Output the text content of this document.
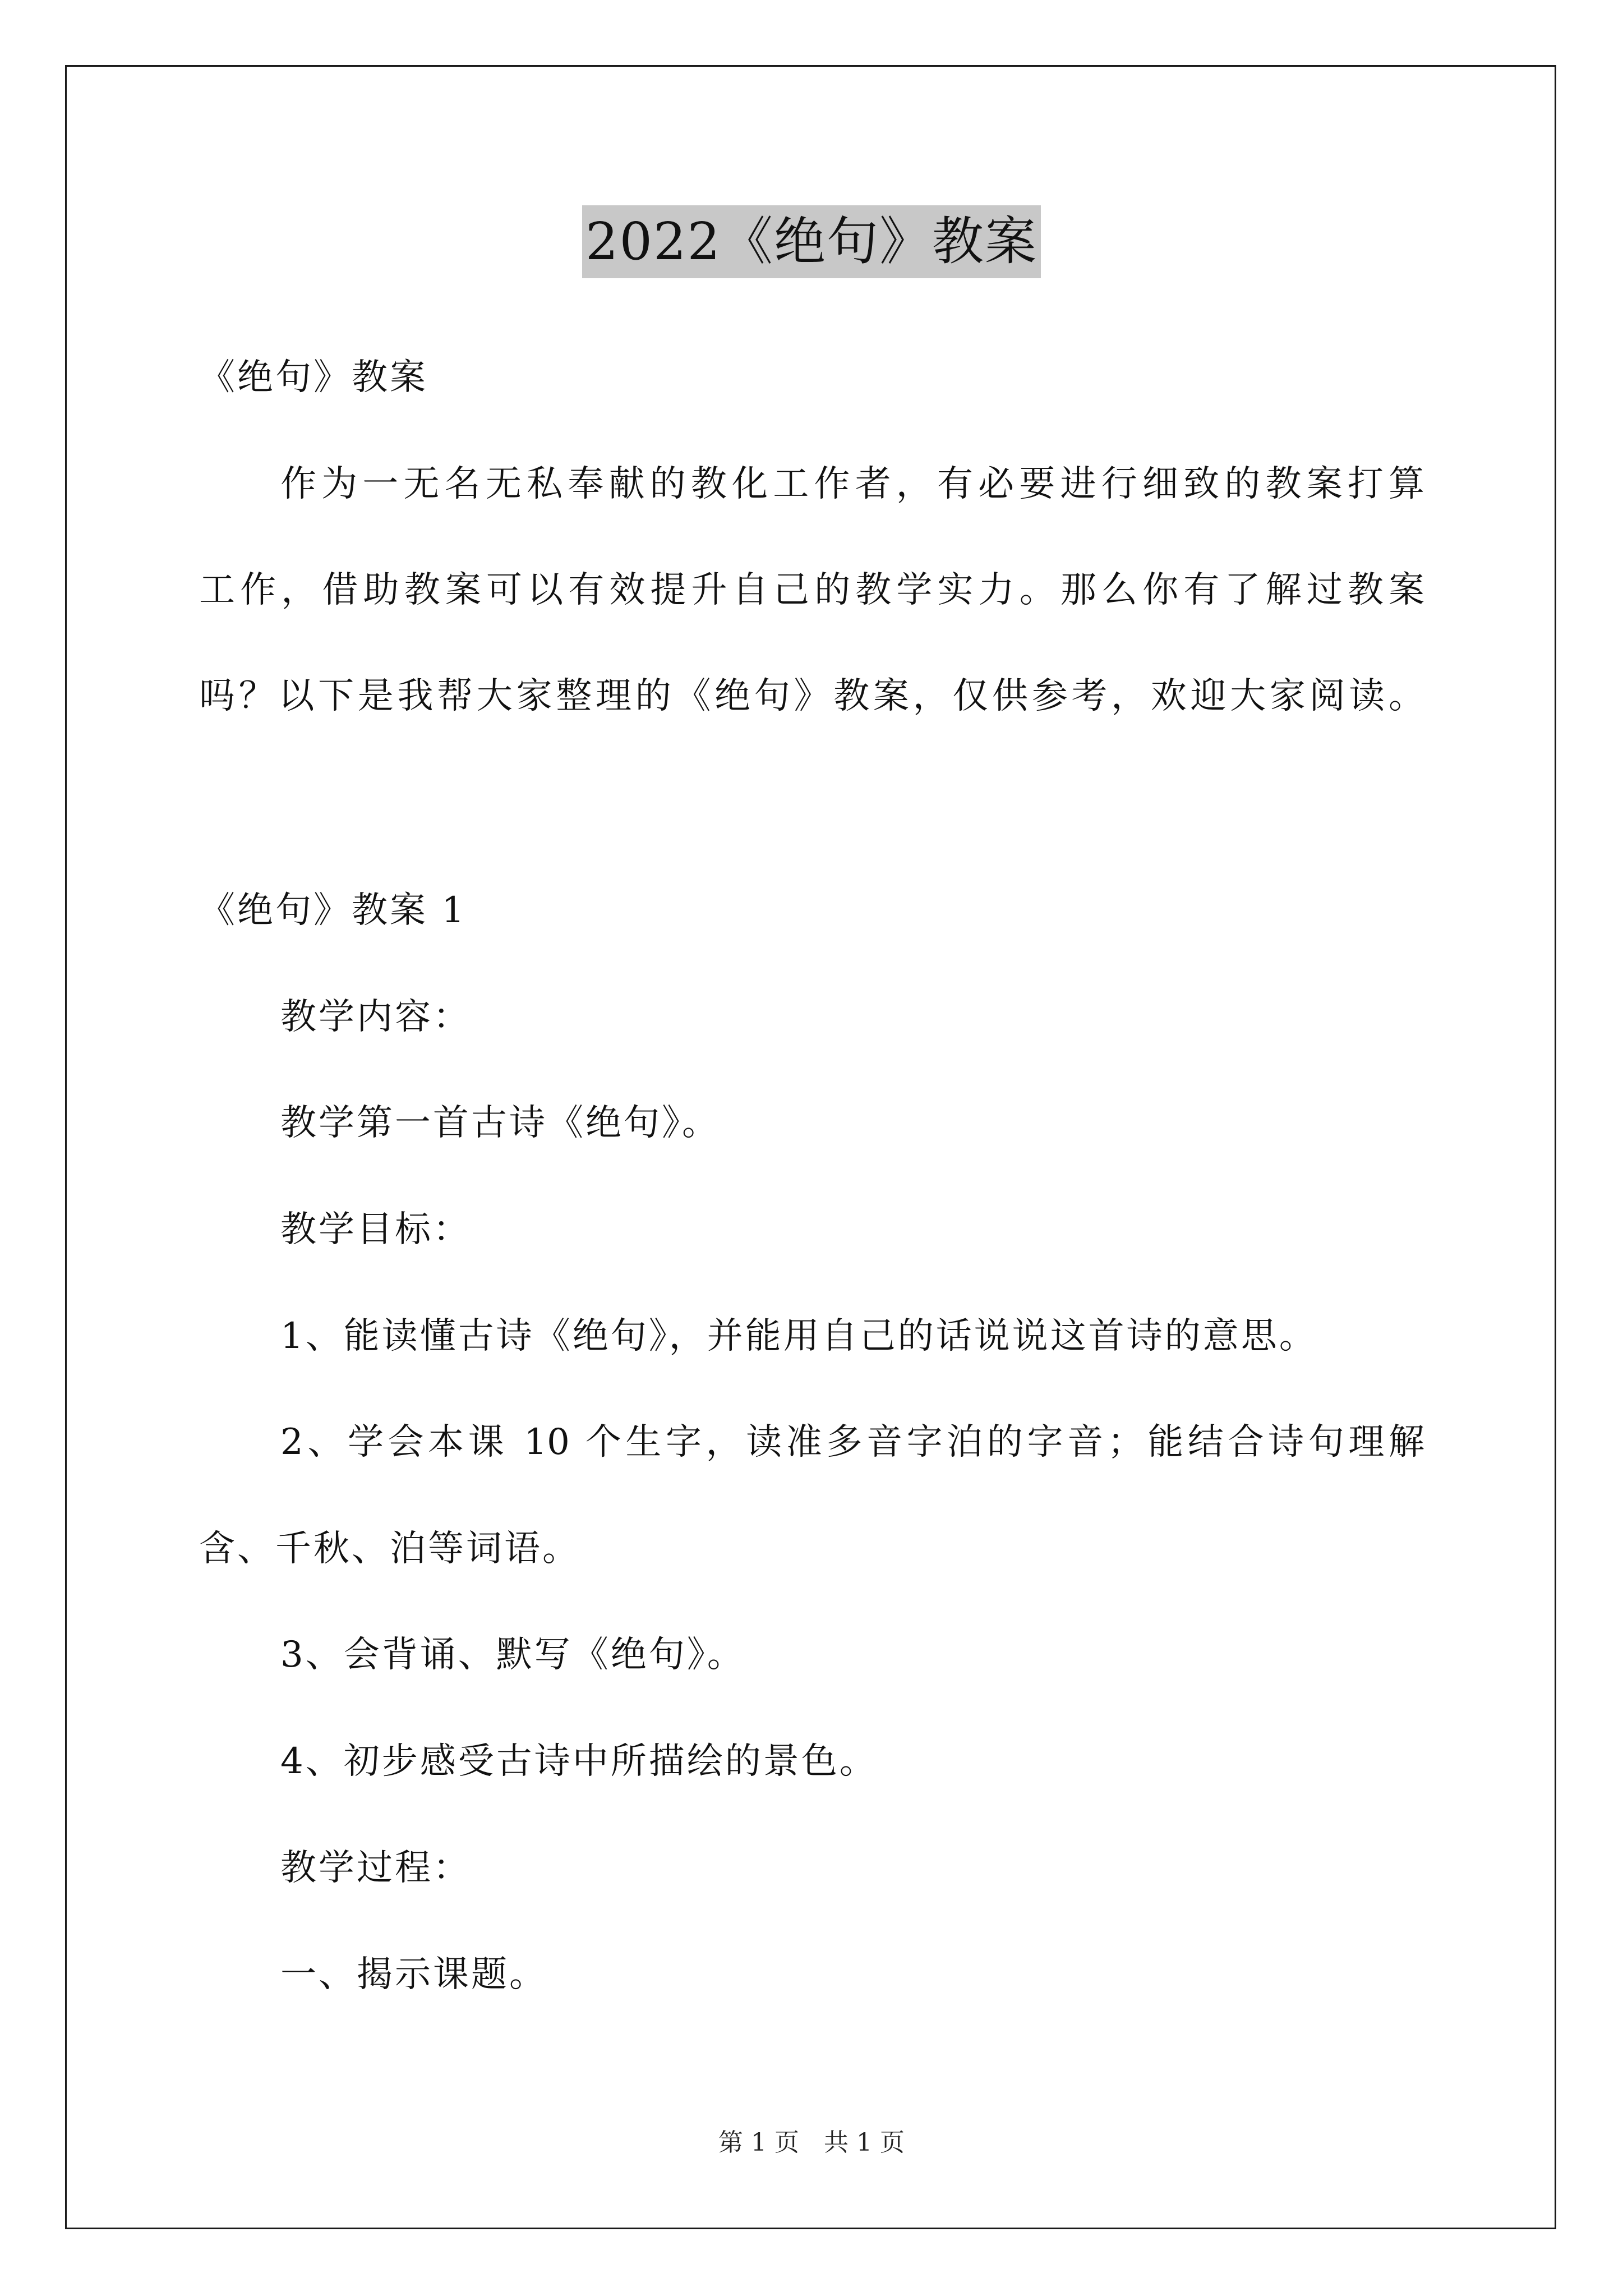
2022《绝句》教案
《绝句》教案
作为一无名无私奉献的教化工作者，有必要进行细致的教案打算
工作，借助教案可以有效提升自己的教学实力。那么你有了解过教案
吗？以下是我帮大家整理的《绝句》教案，仅供参考，欢迎大家阅读。
《绝句》教案 1
教学内容：
教学第一首古诗《绝句》。
教学目标：
1、能读懂古诗《绝句》，并能用自己的话说说这首诗的意思。
2、学会本课 10 个生字，读准多音字泊的字音；能结合诗句理解
含、千秋、泊等词语。
3、会背诵、默写《绝句》。
4、初步感受古诗中所描绘的景色。
教学过程：
一、揭示课题。
第 1 页　共 1 页
